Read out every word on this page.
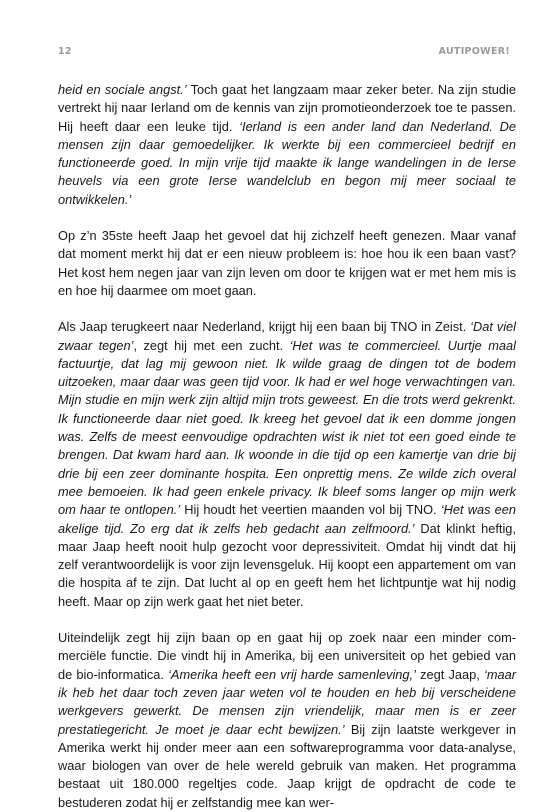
12	AUTIPOWER!

heid en sociale angst.’ Toch gaat het langzaam maar zeker beter. Na zijn studie vertrekt hij naar Ierland om de kennis van zijn promotieonderzoek toe te passen. Hij heeft daar een leuke tijd. ‘Ierland is een ander land dan Nederland. De mensen zijn daar gemoedelijker. Ik werkte bij een commercieel bedrijf en functioneerde goed. In mijn vrije tijd maakte ik lange wandelingen in de Ierse heuvels via een grote Ierse wandelclub en begon mij meer sociaal te ontwikkelen.’

Op z’n 35ste heeft Jaap het gevoel dat hij zichzelf heeft genezen. Maar vanaf dat moment merkt hij dat er een nieuw probleem is: hoe hou ik een baan vast? Het kost hem negen jaar van zijn leven om door te krijgen wat er met hem mis is en hoe hij daarmee om moet gaan.

Als Jaap terugkeert naar Nederland, krijgt hij een baan bij TNO in Zeist. ‘Dat viel zwaar tegen’, zegt hij met een zucht. ‘Het was te commercieel. Uurtje maal factuurtje, dat lag mij gewoon niet. Ik wilde graag de dingen tot de bodem uitzoeken, maar daar was geen tijd voor. Ik had er wel hoge verwachtingen van. Mijn studie en mijn werk zijn altijd mijn trots geweest. En die trots werd gekrenkt. Ik functioneerde daar niet goed. Ik kreeg het gevoel dat ik een domme jongen was. Zelfs de meest eenvoudige opdrachten wist ik niet tot een goed einde te brengen. Dat kwam hard aan. Ik woonde in die tijd op een kamertje van drie bij drie bij een zeer dominante hospita. Een onprettig mens. Ze wilde zich overal mee bemoeien. Ik had geen enkele privacy. Ik bleef soms langer op mijn werk om haar te ontlopen.’ Hij houdt het veertien maanden vol bij TNO. ‘Het was een akelige tijd. Zo erg dat ik zelfs heb gedacht aan zelfmoord.’ Dat klinkt heftig, maar Jaap heeft nooit hulp gezocht voor depressiviteit. Omdat hij vindt dat hij zelf verantwoordelijk is voor zijn levensgeluk. Hij koopt een appartement om van die hospita af te zijn. Dat lucht al op en geeft hem het lichtpuntje wat hij nodig heeft. Maar op zijn werk gaat het niet beter.

Uiteindelijk zegt hij zijn baan op en gaat hij op zoek naar een minder commerciële functie. Die vindt hij in Amerika, bij een universiteit op het gebied van de bio-informatica. ‘Amerika heeft een vrij harde samenleving,’ zegt Jaap, ‘maar ik heb het daar toch zeven jaar weten vol te houden en heb bij verscheidene werkgevers gewerkt. De mensen zijn vriendelijk, maar men is er zeer prestatiegericht. Je moet je daar echt bewijzen.’ Bij zijn laatste werkgever in Amerika werkt hij onder meer aan een softwareprogramma voor data-analyse, waar biologen van over de hele wereld gebruik van maken. Het programma bestaat uit 180.000 regeltjes code. Jaap krijgt de opdracht de code te bestuderen zodat hij er zelfstandig mee kan wer-
